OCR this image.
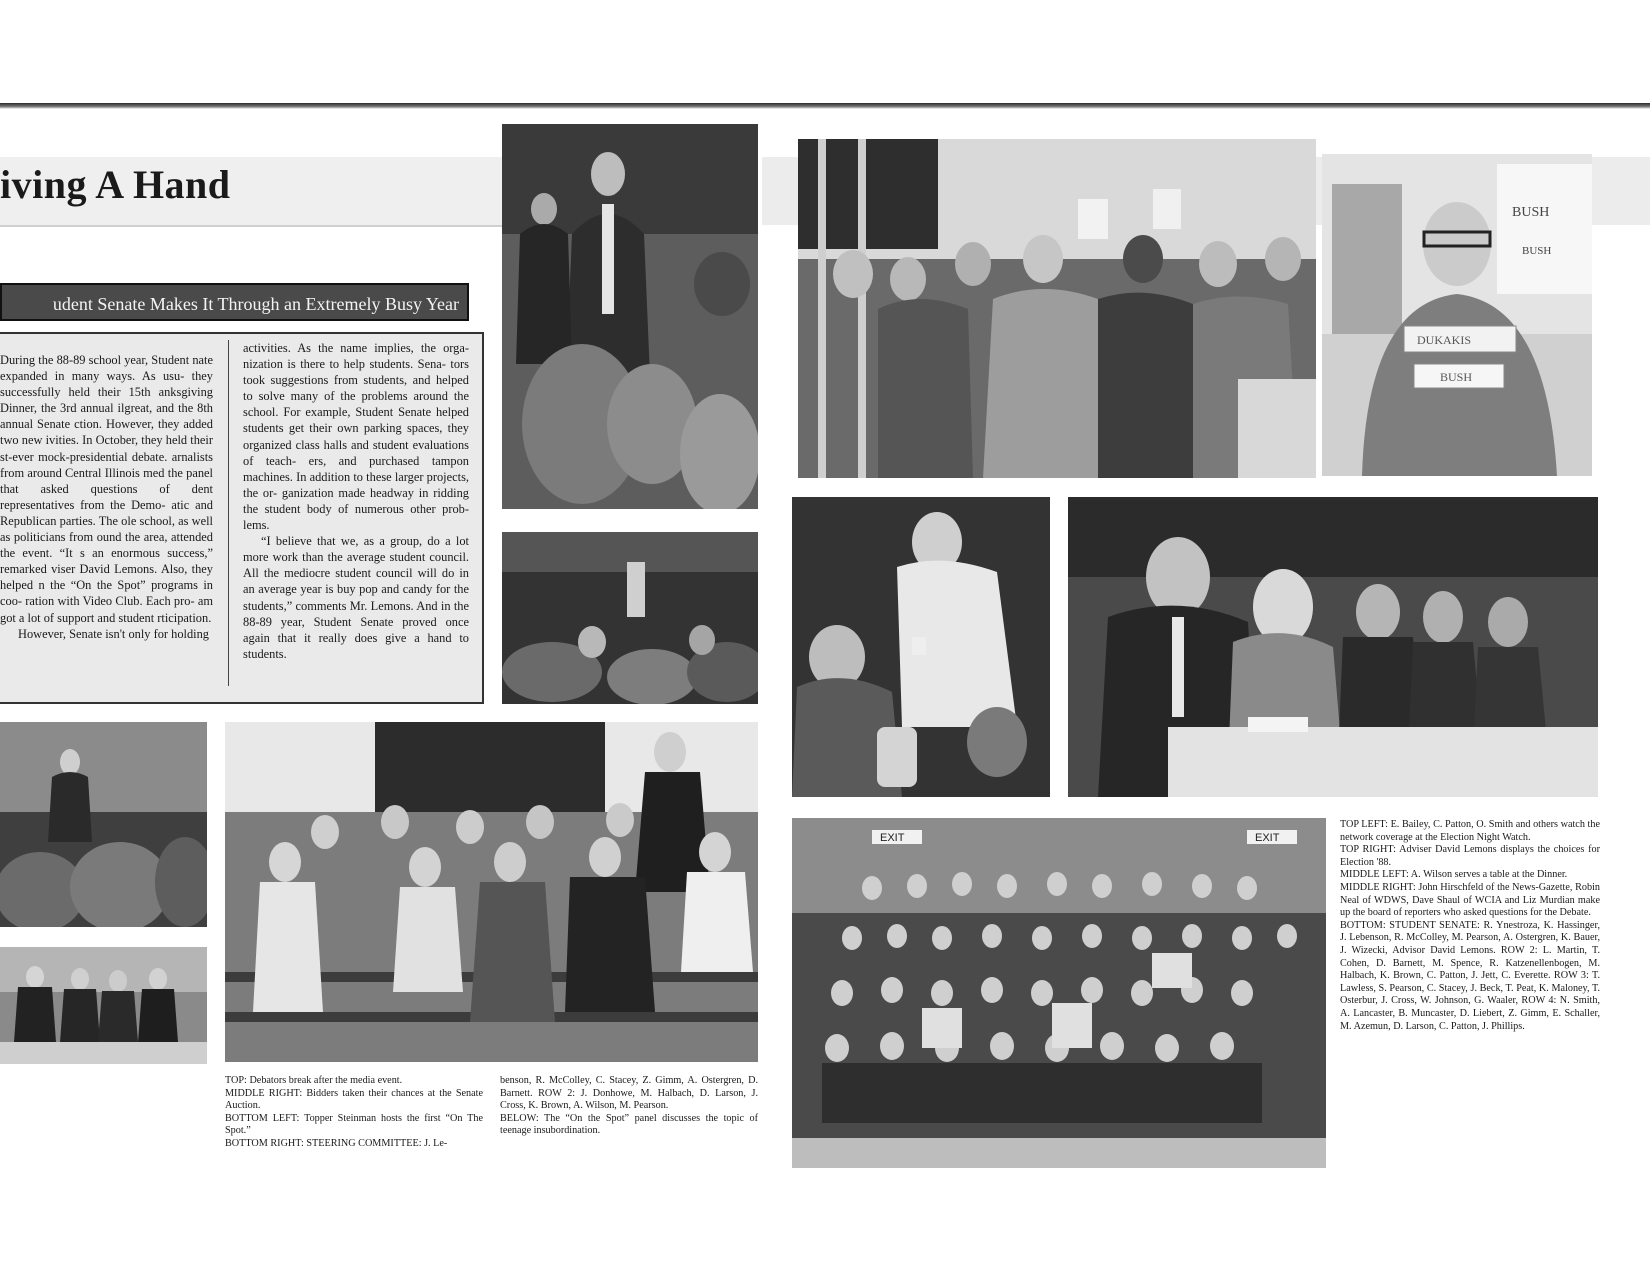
iving A Hand
udent Senate Makes It Through an Extremely Busy Year

During the 88-89 school year, Student nate expanded in many ways. As usu- they successfully held their 15th anksgiving Dinner, the 3rd annual ilgreat, and the 8th annual Senate ction. However, they added two new ivities. In October, they held their st-ever mock-presidential debate. arnalists from around Central Illinois med the panel that asked questions of dent representatives from the Demo- atic and Republican parties. The ole school, as well as politicians from ound the area, attended the event. “It s an enormous success,” remarked viser David Lemons. Also, they helped n the “On the Spot” programs in coo- ration with Video Club. Each pro- am got a lot of support and student rticipation.

However, Senate isn't only for holding

activities. As the name implies, the orga- nization is there to help students. Sena- tors took suggestions from students, and helped to solve many of the problems around the school. For example, Student Senate helped students get their own parking spaces, they organized class halls and student evaluations of teach- ers, and purchased tampon machines. In addition to these larger projects, the or- ganization made headway in ridding the student body of numerous other prob- lems.

“I believe that we, as a group, do a lot more work than the average student council. All the mediocre student council will do in an average year is buy pop and candy for the students,” comments Mr. Lemons. And in the 88-89 year, Student Senate proved once again that it really does give a hand to students.

BUSH
BUSH
DUKAKIS
BUSH
EXIT	EXIT

TOP: Debators break after the media event.

MIDDLE RIGHT: Bidders taken their chances at the Senate Auction.

BOTTOM LEFT: Topper Steinman hosts the first “On The Spot.”

BOTTOM RIGHT: STEERING COMMITTEE: J. Le-

benson, R. McColley, C. Stacey, Z. Gimm, A. Ostergren, D. Barnett. ROW 2: J. Donhowe, M. Halbach, D. Larson, J. Cross, K. Brown, A. Wilson, M. Pearson.

BELOW: The “On the Spot” panel discusses the topic of teenage insubordination.

TOP LEFT: E. Bailey, C. Patton, O. Smith and others watch the network coverage at the Election Night Watch.

TOP RIGHT: Adviser David Lemons displays the choices for Election '88.

MIDDLE LEFT: A. Wilson serves a table at the Dinner.

MIDDLE RIGHT: John Hirschfeld of the News-Gazette, Robin Neal of WDWS, Dave Shaul of WCIA and Liz Murdian make up the board of reporters who asked questions for the Debate.

BOTTOM: STUDENT SENATE: R. Ynestroza, K. Hassinger, J. Lebenson, R. McColley, M. Pearson, A. Ostergren, K. Bauer, J. Wizecki, Advisor David Lemons. ROW 2: L. Martin, T. Cohen, D. Barnett, M. Spence, R. Katzenellenbogen, M. Halbach, K. Brown, C. Patton, J. Jett, C. Everette. ROW 3: T. Lawless, S. Pearson, C. Stacey, J. Beck, T. Peat, K. Maloney, T. Osterbur, J. Cross, W. Johnson, G. Waaler, ROW 4: N. Smith, A. Lancaster, B. Muncaster, D. Liebert, Z. Gimm, E. Schaller, M. Azemun, D. Larson, C. Patton, J. Phillips.
